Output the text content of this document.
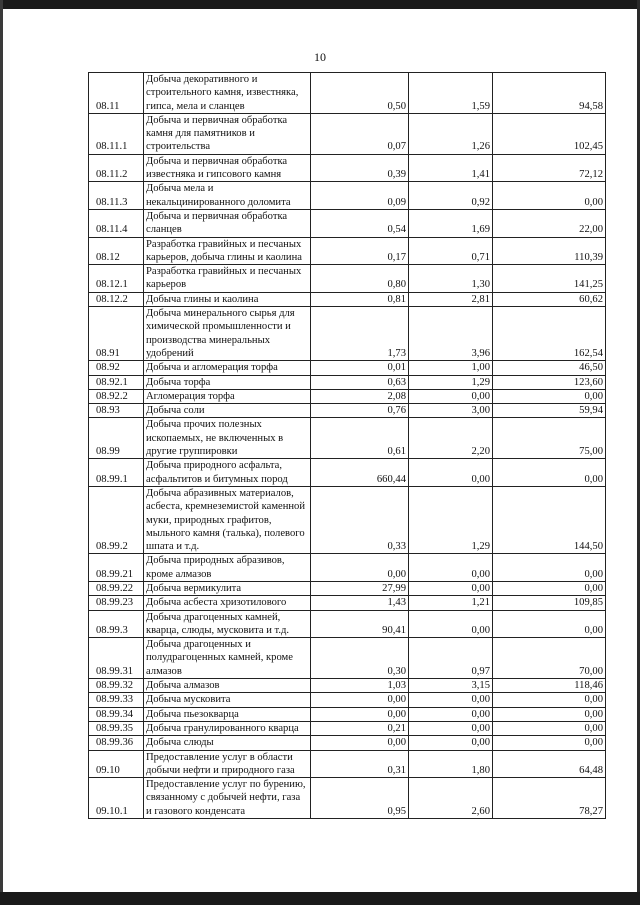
10
08.11	Добыча декоративного и строительного камня, известняка, гипса, мела и сланцев	0,50	1,59	94,58
08.11.1	Добыча и первичная обработка камня для памятников и строительства	0,07	1,26	102,45
08.11.2	Добыча и первичная обработка известняка и гипсового камня	0,39	1,41	72,12
08.11.3	Добыча мела и некальцинированного доломита	0,09	0,92	0,00
08.11.4	Добыча и первичная обработка сланцев	0,54	1,69	22,00
08.12	Разработка гравийных и песчаных карьеров, добыча глины и каолина	0,17	0,71	110,39
08.12.1	Разработка гравийных и песчаных карьеров	0,80	1,30	141,25
08.12.2	Добыча глины и каолина	0,81	2,81	60,62
08.91	Добыча минерального сырья для химической промышленности и производства минеральных удобрений	1,73	3,96	162,54
08.92	Добыча и агломерация торфа	0,01	1,00	46,50
08.92.1	Добыча торфа	0,63	1,29	123,60
08.92.2	Агломерация торфа	2,08	0,00	0,00
08.93	Добыча соли	0,76	3,00	59,94
08.99	Добыча прочих полезных ископаемых, не включенных в другие группировки	0,61	2,20	75,00
08.99.1	Добыча природного асфальта, асфальтитов и битумных пород	660,44	0,00	0,00
08.99.2	Добыча абразивных материалов, асбеста, кремнеземистой каменной муки, природных графитов, мыльного камня (талька), полевого шпата и т.д.	0,33	1,29	144,50
08.99.21	Добыча природных абразивов, кроме алмазов	0,00	0,00	0,00
08.99.22	Добыча вермикулита	27,99	0,00	0,00
08.99.23	Добыча асбеста хризотилового	1,43	1,21	109,85
08.99.3	Добыча драгоценных камней, кварца, слюды, мусковита и т.д.	90,41	0,00	0,00
08.99.31	Добыча драгоценных и полудрагоценных камней, кроме алмазов	0,30	0,97	70,00
08.99.32	Добыча алмазов	1,03	3,15	118,46
08.99.33	Добыча мусковита	0,00	0,00	0,00
08.99.34	Добыча пьезокварца	0,00	0,00	0,00
08.99.35	Добыча гранулированного кварца	0,21	0,00	0,00
08.99.36	Добыча слюды	0,00	0,00	0,00
09.10	Предоставление услуг в области добычи нефти и природного газа	0,31	1,80	64,48
09.10.1	Предоставление услуг по бурению, связанному с добычей нефти, газа и газового конденсата	0,95	2,60	78,27
